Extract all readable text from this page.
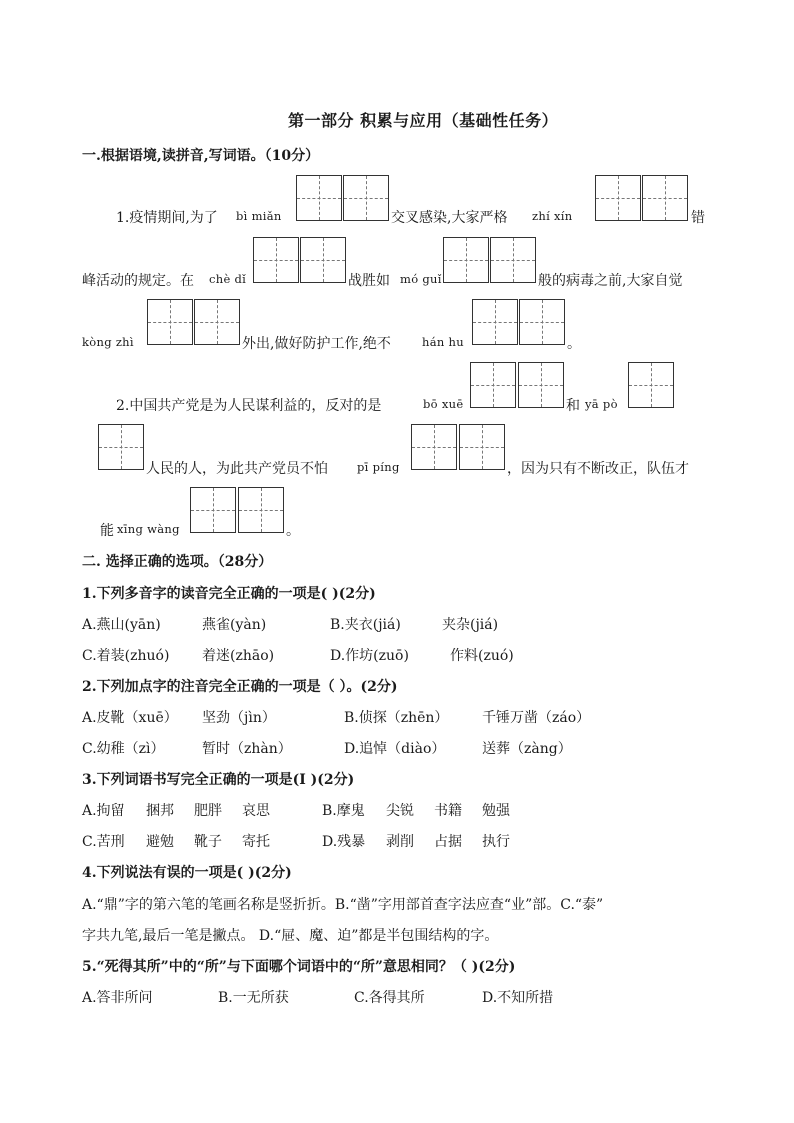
第一部分 积累与应用（基础性任务）
一.根据语境,读拼音,写词语。（10分）
1.疫情期间,为了 bì miǎn	交叉感染,大家严格 zhí xín	错
峰活动的规定。在 chè dǐ	战胜如 mó guǐ	般的病毒之前,大家自觉
kòng zhì	外出,做好防护工作,绝不	hán hu	。
2.中国共产党是为人民谋利益的，反对的是	bō xuē	和 yā pò
人民的人，为此共产党员不怕	pī píng	，因为只有不断改正，队伍才
能 xīng wàng	。
二. 选择正确的选项。（28分）
1.下列多音字的读音完全正确的一项是( )(2分)
A.燕山(yān)	燕雀(yàn)	B.夹衣(jiá)	夹杂(jiá)
C.着装(zhuó) 着迷(zhāo)	D.作坊(zuō)	作料(zuó)
2.下列加点字的注音完全正确的一项是（ ）。(2分)
A.皮靴（xuē） 坚劲（jìn）	B.侦探（zhēn） 千锤万凿（záo）
C.幼稚（zì）	暂时（zhàn）	D.追悼（diào）	送葬（zàng）
3.下列词语书写完全正确的一项是(I )(2分)
A.拘留 捆邦 肥胖 哀思	B.摩鬼 尖锐 书籍 勉强
C.苦刑 避勉 靴子 寄托	D.残暴 剥削 占据 执行
4.下列说法有误的一项是( )(2分)
A.“鼎”字的第六笔的笔画名称是竖折折。B.“凿”字用部首查字法应查“业”部。C.“泰”
字共九笔,最后一笔是撇点。 D.“屉、魔、迫”都是半包围结构的字。
5.“死得其所”中的“所”与下面哪个词语中的“所”意思相同？（ )(2分)
A.答非所问	B.一无所获	C.各得其所	D.不知所措
